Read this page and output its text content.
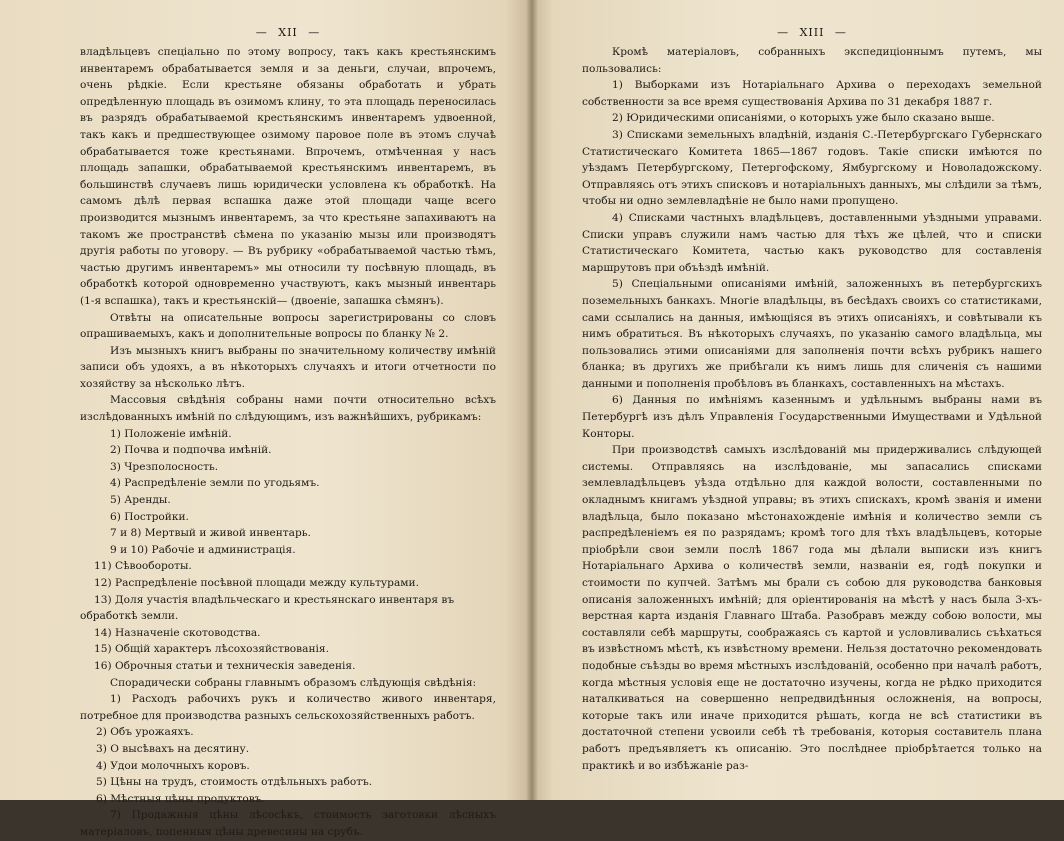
— XII —

владѣльцевъ спеціально по этому вопросу, такъ какъ крестьянскимъ инвентаремъ обрабатывается земля и за деньги, случаи, впрочемъ, очень рѣдкіе. Если крестьяне обязаны обработать и убрать опредѣленную площадь въ озимомъ клину, то эта площадь переносилась въ разрядъ обрабатываемой крестьянскимъ инвентаремъ удвоенной, такъ какъ и предшествующее озимому паровое поле въ этомъ случаѣ обрабатывается тоже крестьянами. Впрочемъ, отмѣченная у насъ площадь запашки, обрабатываемой крестьянскимъ инвентаремъ, въ большинствѣ случаевъ лишь юридически условлена къ обработкѣ. На самомъ дѣлѣ первая вспашка даже этой площади чаще всего производится мызнымъ инвентаремъ, за что крестьяне запахиваютъ на такомъ же пространствѣ сѣмена по указанію мызы или производятъ другія работы по уговору. — Въ рубрику «обрабатываемой частью тѣмъ, частью другимъ инвентаремъ» мы относили ту посѣвную площадь, въ обработкѣ которой одновременно участвуютъ, какъ мызный инвентарь (1-я вспашка), такъ и крестьянскій— (двоеніе, запашка сѣмянъ).

Отвѣты на описательные вопросы зарегистрированы со словъ опрашиваемыхъ, какъ и дополнительные вопросы по бланку № 2.

Изъ мызныхъ книгъ выбраны по значительному количеству имѣній записи объ удояхъ, а въ нѣкоторыхъ случаяхъ и итоги отчетности по хозяйству за нѣсколько лѣтъ.

Массовыя свѣдѣнія собраны нами почти относительно всѣхъ изслѣдованныхъ имѣній по слѣдующимъ, изъ важнѣйшихъ, рубрикамъ:

1) Положеніе имѣній.
2) Почва и подпочва имѣній.
3) Чрезполосность.
4) Распредѣленіе земли по угодьямъ.
5) Аренды.
6) Постройки.
7 и 8) Мертвый и живой инвентарь.
9 и 10) Рабочіе и администрація.
11) Сѣвообороты.
12) Распредѣленіе посѣвной площади между культурами.
13) Доля участія владѣльческаго и крестьянскаго инвентаря въ
обработкѣ земли.
14) Назначеніе скотоводства.
15) Общій характеръ лѣсохозяйствованія.
16) Оброчныя статьи и техническія заведенія.

Спорадически собраны главнымъ образомъ слѣдующія свѣдѣнія:

1) Расходъ рабочихъ рукъ и количество живого инвентаря, потребное для производства разныхъ сельскохозяйственныхъ работъ.

2) Объ урожаяхъ.
3) О высѣвахъ на десятину.
4) Удои молочныхъ коровъ.
5) Цѣны на трудъ, стоимость отдѣльныхъ работъ.
6) Мѣстныя цѣны продуктовъ.

7) Продажныя цѣны лѣсосѣкъ, стоимость заготовки лѣсныхъ матеріаловъ, попенныя цѣны древесины на срубъ.

— XIII —

Кромѣ матеріаловъ, собранныхъ экспедиціоннымъ путемъ, мы пользовались:

1) Выборками изъ Нотаріальнаго Архива о переходахъ земельной собственности за все время существованія Архива по 31 декабря 1887 г.

2) Юридическими описаніями, о которыхъ уже было сказано выше.

3) Списками земельныхъ владѣній, изданія С.-Петербургскаго Губернскаго Статистическаго Комитета 1865—1867 годовъ. Такіе списки имѣются по уѣздамъ Петербургскому, Петергофскому, Ямбургскому и Новоладожскому. Отправляясь отъ этихъ списковъ и нотаріальныхъ данныхъ, мы слѣдили за тѣмъ, чтобы ни одно землевладѣніе не было нами пропущено.

4) Списками частныхъ владѣльцевъ, доставленными уѣздными управами. Списки управъ служили намъ частью для тѣхъ же цѣлей, что и списки Статистическаго Комитета, частью какъ руководство для составленія маршрутовъ при объѣздѣ имѣній.

5) Спеціальными описаніями имѣній, заложенныхъ въ петербургскихъ поземельныхъ банкахъ. Многіе владѣльцы, въ бесѣдахъ своихъ со статистиками, сами ссылались на данныя, имѣющіяся въ этихъ описаніяхъ, и совѣтывали къ нимъ обратиться. Въ нѣкоторыхъ случаяхъ, по указанію самого владѣльца, мы пользовались этими описаніями для заполненія почти всѣхъ рубрикъ нашего бланка; въ другихъ же прибѣгали къ нимъ лишь для сличенія съ нашими данными и пополненія пробѣловъ въ бланкахъ, составленныхъ на мѣстахъ.

6) Данныя по имѣніямъ казеннымъ и удѣльнымъ выбраны нами въ Петербургѣ изъ дѣлъ Управленія Государственными Имуществами и Удѣльной Конторы.

При производствѣ самыхъ изслѣдованій мы придерживались слѣдующей системы. Отправляясь на изслѣдованіе, мы запасались списками землевладѣльцевъ уѣзда отдѣльно для каждой волости, составленными по окладнымъ книгамъ уѣздной управы; въ этихъ спискахъ, кромѣ званія и имени владѣльца, было показано мѣстонахожденіе имѣнія и количество земли съ распредѣленіемъ ея по разрядамъ; кромѣ того для тѣхъ владѣльцевъ, которые пріобрѣли свои земли послѣ 1867 года мы дѣлали выписки изъ книгъ Нотаріальнаго Архива о количествѣ земли, названіи ея, годѣ покупки и стоимости по купчей. Затѣмъ мы брали съ собою для руководства банковыя описанія заложенныхъ имѣній; для оріентированія на мѣстѣ у насъ была 3-хъ-верстная карта изданія Главнаго Штаба. Разобравъ между собою волости, мы составляли себѣ маршруты, соображаясь съ картой и условливались съѣхаться въ извѣстномъ мѣстѣ, къ извѣстному времени. Нельзя достаточно рекомендовать подобные съѣзды во время мѣстныхъ изслѣдованій, особенно при началѣ работъ, когда мѣстныя условія еще не достаточно изучены, когда не рѣдко приходится наталкиваться на совершенно непредвидѣнныя осложненія, на вопросы, которые такъ или иначе приходится рѣшать, когда не всѣ статистики въ достаточной степени усвоили себѣ тѣ требованія, которыя составитель плана работъ предъявляетъ къ описанію. Это послѣднее пріобрѣтается только на практикѣ и во избѣжаніе раз-
